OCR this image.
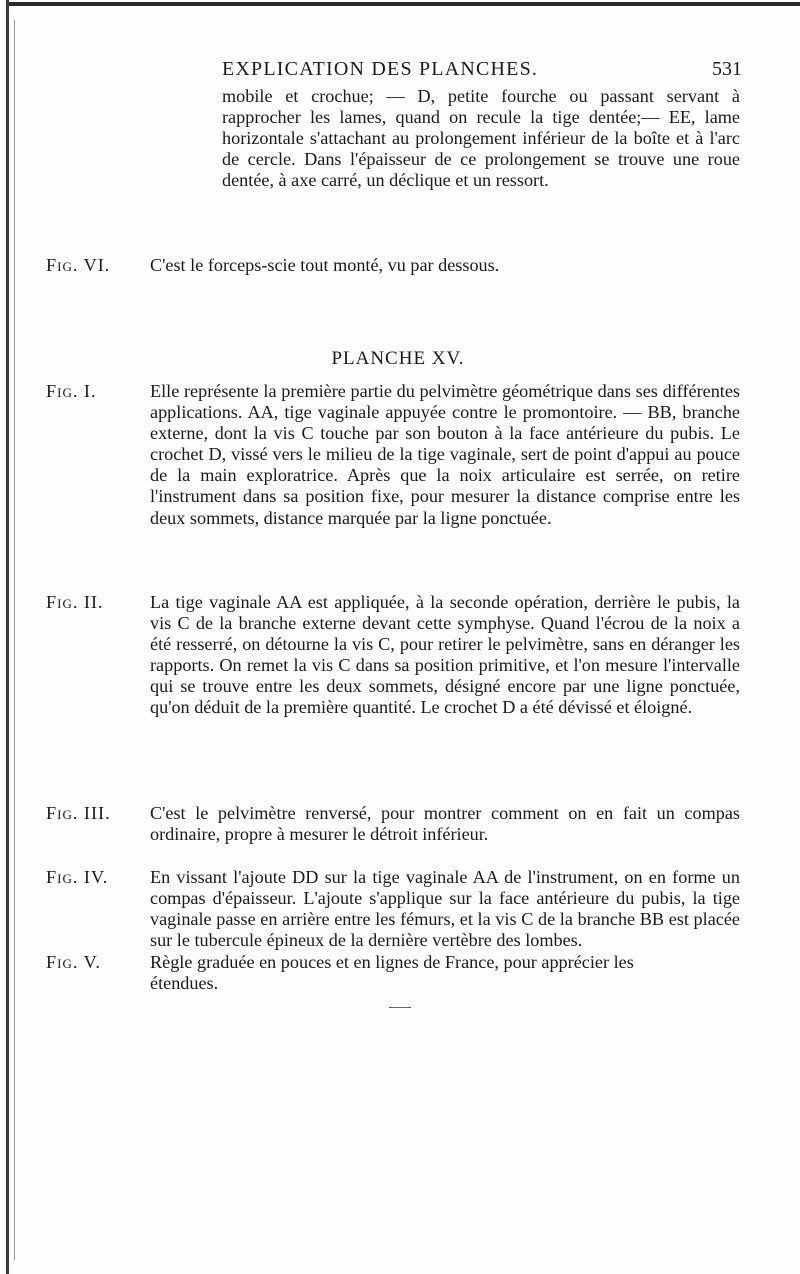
EXPLICATION DES PLANCHES.	531

mobile et crochue; — D, petite fourche ou passant servant à rapprocher les lames, quand on recule la tige dentée;— EE, lame horizontale s'attachant au prolongement inférieur de la boîte et à l'arc de cercle. Dans l'épaisseur de ce prolongement se trouve une roue dentée, à axe carré, un déclique et un ressort.

Fig. VI. C'est le forceps-scie tout monté, vu par dessous.

PLANCHE XV.
Fig. I.	Elle représente la première partie du pelvimètre géométrique dans ses différentes applications. AA, tige vaginale appuyée contre le promontoire. — BB, branche externe, dont la vis C touche par son bouton à la face antérieure du pubis. Le crochet D, vissé vers le milieu de la tige vaginale, sert de point d'appui au pouce de la main exploratrice. Après que la noix articulaire est serrée, on retire l'instrument dans sa position fixe, pour mesurer la distance comprise entre les deux sommets, distance marquée par la ligne ponctuée.

Fig. II.	La tige vaginale AA est appliquée, à la seconde opération, derrière le pubis, la vis C de la branche externe devant cette symphyse. Quand l'écrou de la noix a été resserré, on détourne la vis C, pour retirer le pelvimètre, sans en déranger les rapports. On remet la vis C dans sa position primitive, et l'on mesure l'intervalle qui se trouve entre les deux sommets, désigné encore par une ligne ponctuée, qu'on déduit de la première quantité. Le crochet D a été dévissé et éloigné.

Fig. III. C'est le pelvimètre renversé, pour montrer comment on en fait un compas ordinaire, propre à mesurer le détroit inférieur.

Fig. IV. En vissant l'ajoute DD sur la tige vaginale AA de l'instrument, on en forme un compas d'épaisseur. L'ajoute s'applique sur la face antérieure du pubis, la tige vaginale passe en arrière entre les fémurs, et la vis C de la branche BB est placée sur le tubercule épineux de la dernière vertèbre des lombes.

Fig. V.	Règle graduée en pouces et en lignes de France, pour apprécier les étendues.
